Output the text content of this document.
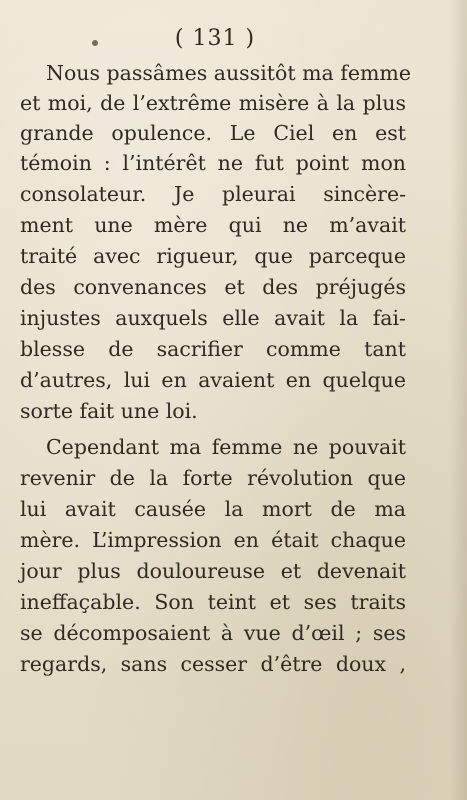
( 131 )
Nous passâmes aussitôt ma femme
et moi, de l’extrême misère à la plus
grande opulence. Le Ciel en est
témoin : l’intérêt ne fut point mon
consolateur. Je pleurai sincère-
ment une mère qui ne m’avait
traité avec rigueur, que parceque
des convenances et des préjugés
injustes auxquels elle avait la fai-
blesse de sacrifier comme tant
d’autres, lui en avaient en quelque
sorte fait une loi.
Cependant ma femme ne pouvait
revenir de la forte révolution que
lui avait causée la mort de ma
mère. L’impression en était chaque
jour plus douloureuse et devenait
ineffaçable. Son teint et ses traits
se décomposaient à vue d’œil ; ses
regards, sans cesser d’être doux ,
